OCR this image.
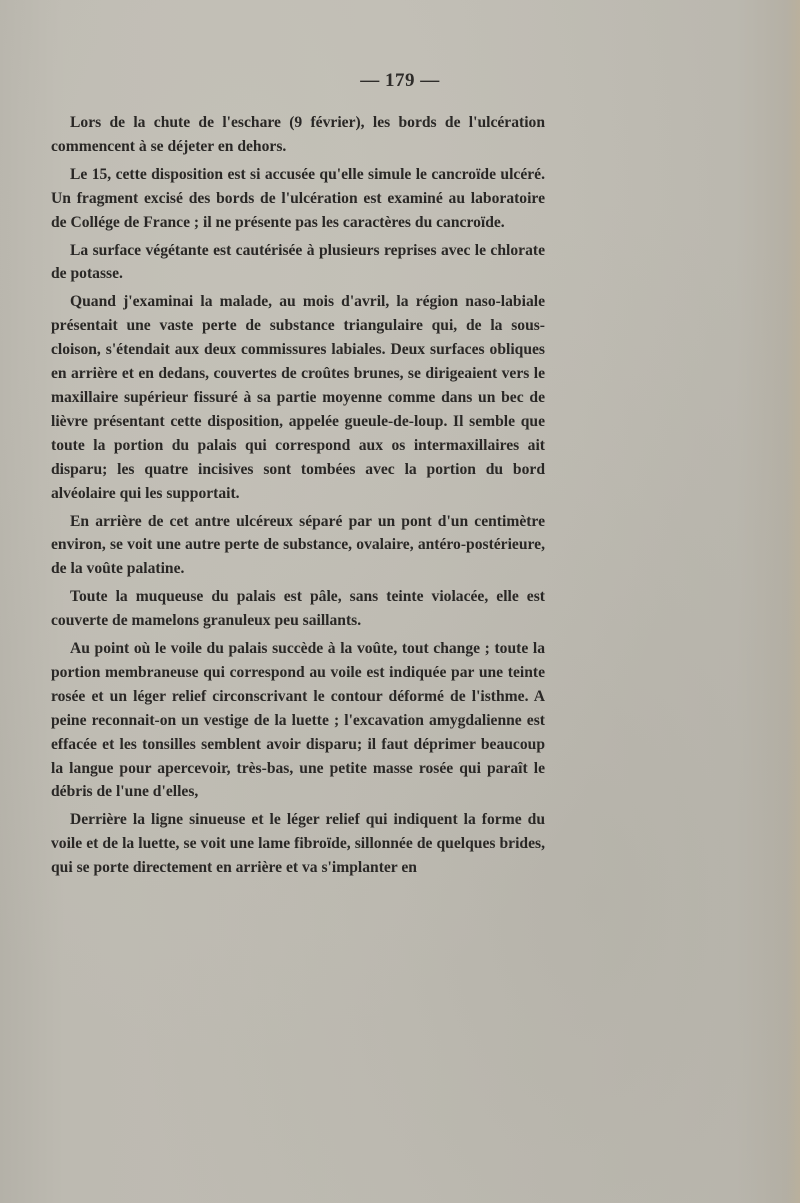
— 179 —

Lors de la chute de l'eschare (9 février), les bords de l'ulcération commencent à se déjeter en dehors.

Le 15, cette disposition est si accusée qu'elle simule le cancroïde ulcéré. Un fragment excisé des bords de l'ulcération est examiné au laboratoire de Collége de France ; il ne présente pas les caractères du cancroïde.

La surface végétante est cautérisée à plusieurs reprises avec le chlorate de potasse.

Quand j'examinai la malade, au mois d'avril, la région naso-labiale présentait une vaste perte de substance triangulaire qui, de la sous-cloison, s'étendait aux deux commissures labiales. Deux surfaces obliques en arrière et en dedans, couvertes de croûtes brunes, se dirigeaient vers le maxillaire supérieur fissuré à sa partie moyenne comme dans un bec de lièvre présentant cette disposition, appelée gueule-de-loup. Il semble que toute la portion du palais qui correspond aux os intermaxillaires ait disparu; les quatre incisives sont tombées avec la portion du bord alvéolaire qui les supportait.

En arrière de cet antre ulcéreux séparé par un pont d'un centimètre environ, se voit une autre perte de substance, ovalaire, antéro-postérieure, de la voûte palatine.

Toute la muqueuse du palais est pâle, sans teinte violacée, elle est couverte de mamelons granuleux peu saillants.

Au point où le voile du palais succède à la voûte, tout change ; toute la portion membraneuse qui correspond au voile est indiquée par une teinte rosée et un léger relief circonscrivant le contour déformé de l'isthme. A peine reconnait-on un vestige de la luette ; l'excavation amygdalienne est effacée et les tonsilles semblent avoir disparu; il faut déprimer beaucoup la langue pour apercevoir, très-bas, une petite masse rosée qui paraît le débris de l'une d'elles,

Derrière la ligne sinueuse et le léger relief qui indiquent la forme du voile et de la luette, se voit une lame fibroïde, sillonnée de quelques brides, qui se porte directement en arrière et va s'implanter en
